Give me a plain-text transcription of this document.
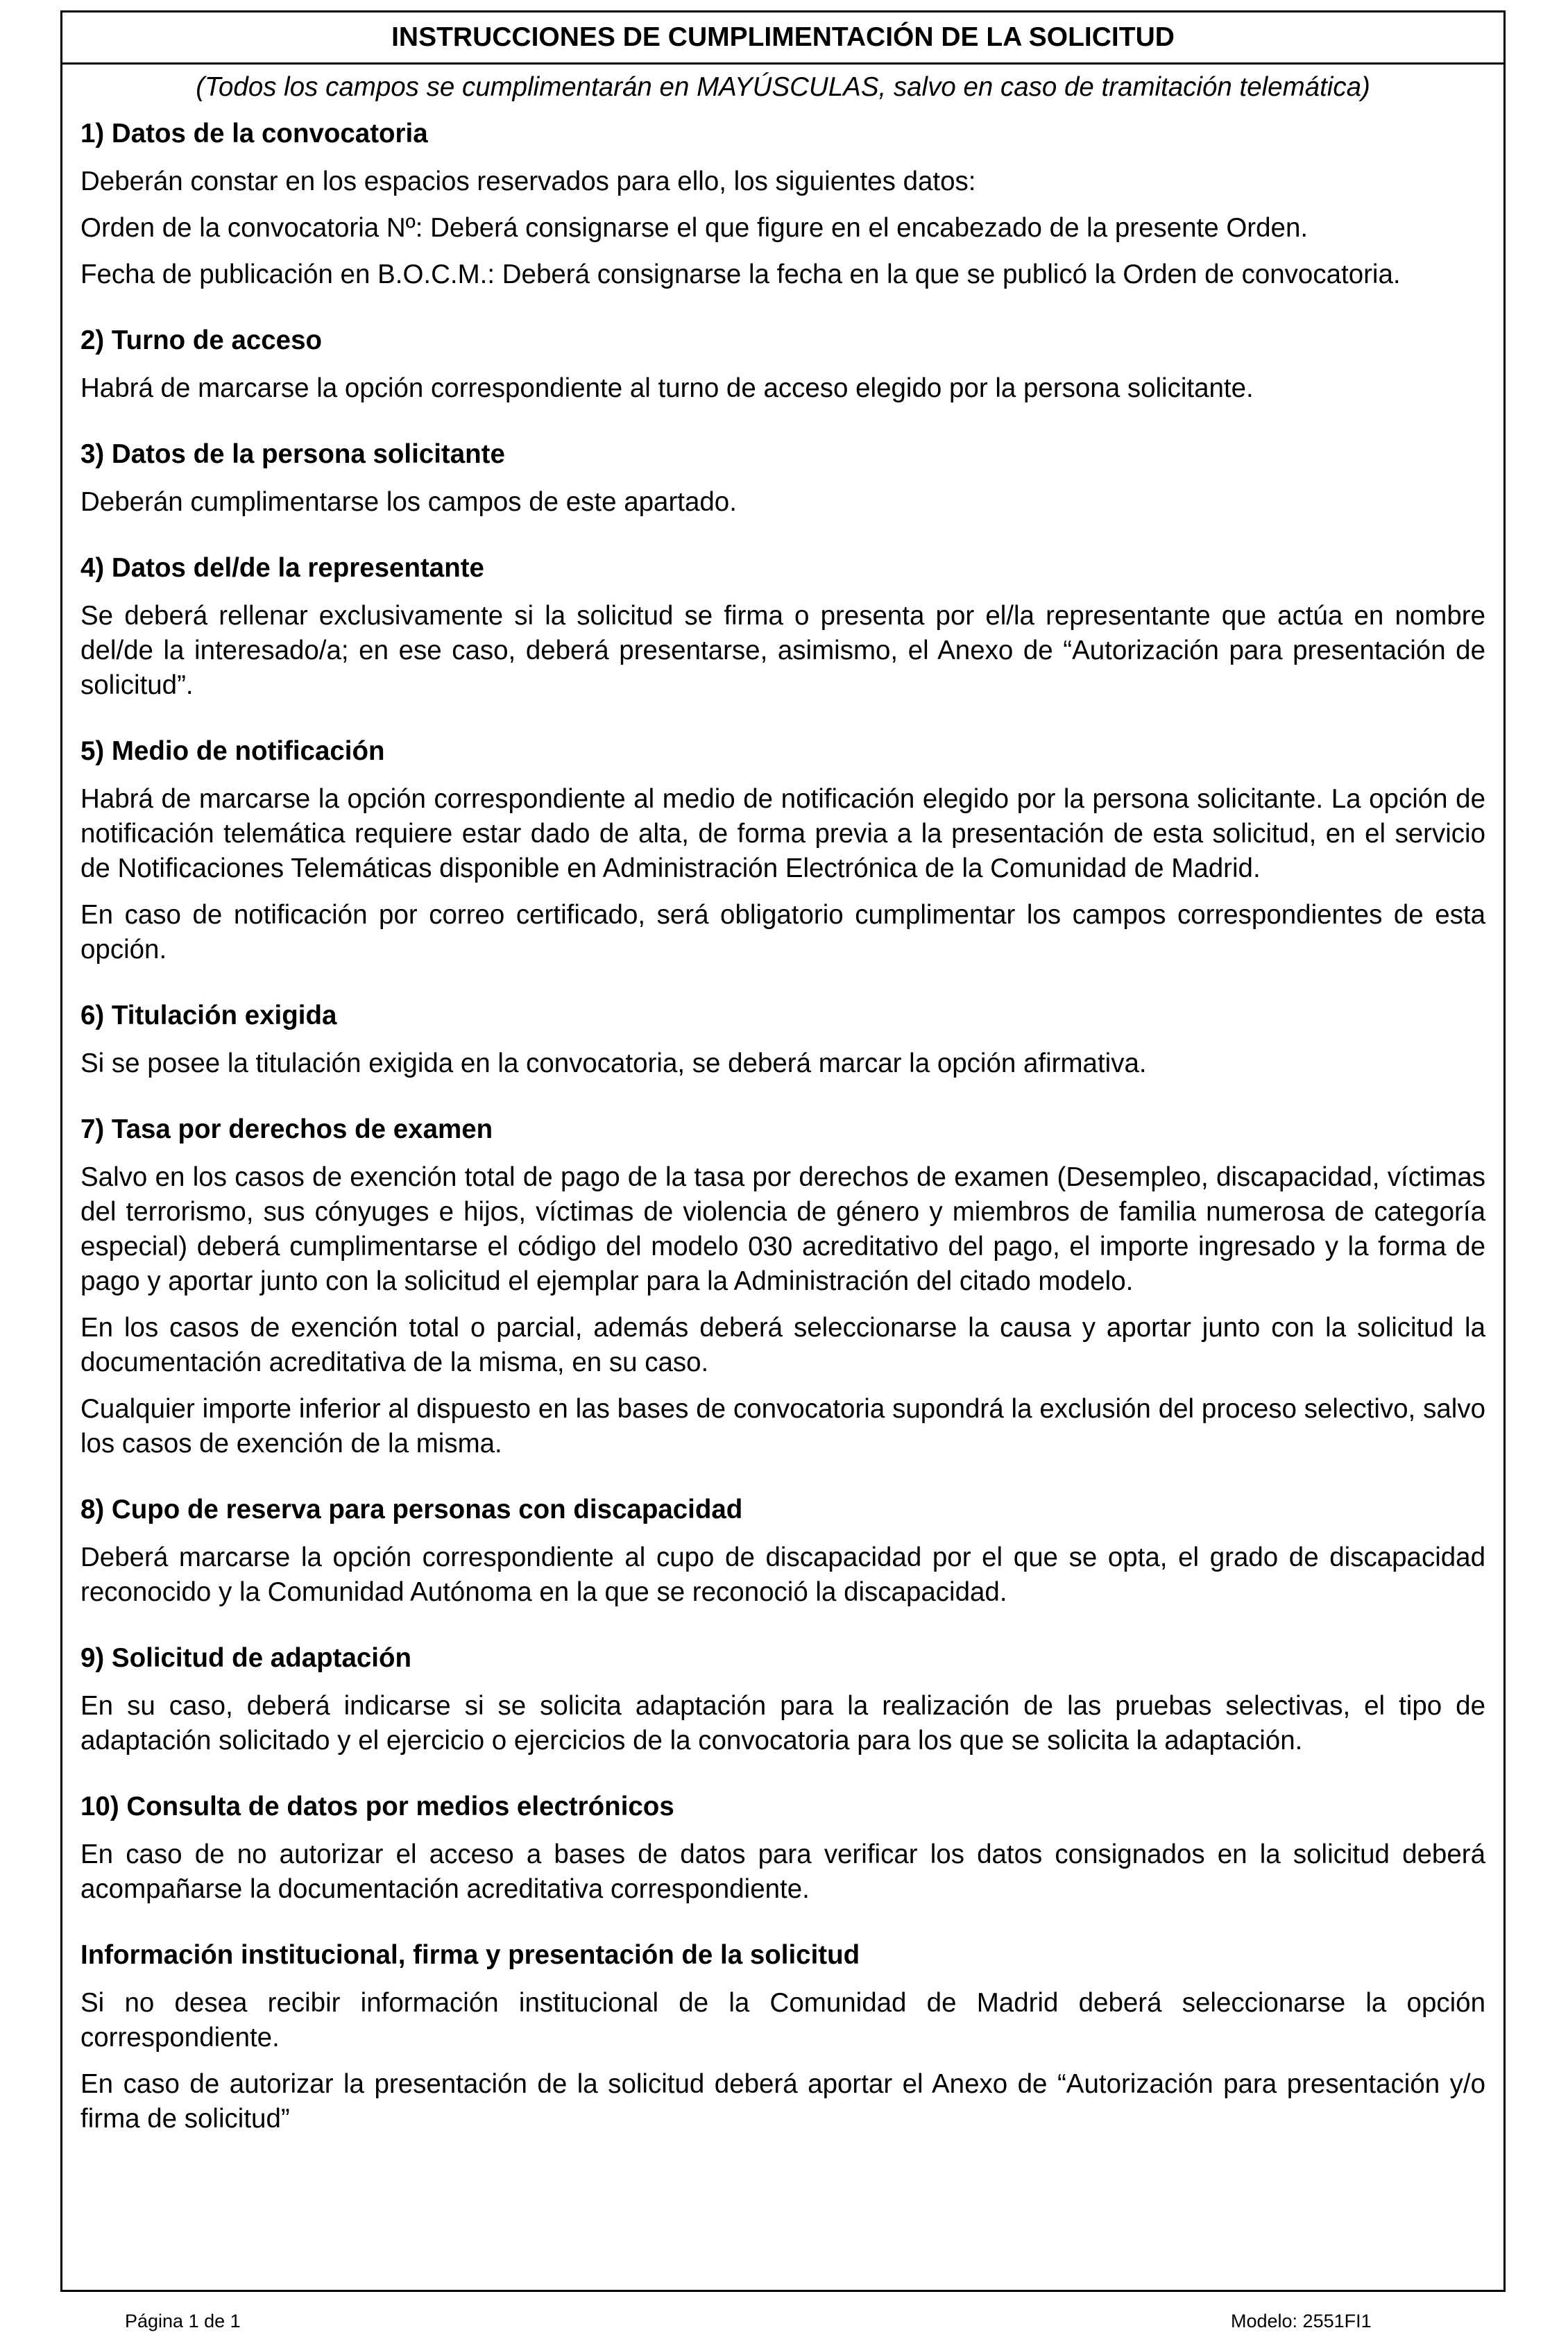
INSTRUCCIONES DE CUMPLIMENTACIÓN DE LA SOLICITUD
(Todos los campos se cumplimentarán en MAYÚSCULAS, salvo en caso de tramitación telemática)
1) Datos de la convocatoria

Deberán constar en los espacios reservados para ello, los siguientes datos:

Orden de la convocatoria Nº: Deberá consignarse el que figure en el encabezado de la presente Orden.

Fecha de publicación en B.O.C.M.: Deberá consignarse la fecha en la que se publicó la Orden de convocatoria.

2) Turno de acceso

Habrá de marcarse la opción correspondiente al turno de acceso elegido por la persona solicitante.

3) Datos de la persona solicitante

Deberán cumplimentarse los campos de este apartado.

4) Datos del/de la representante

Se deberá rellenar exclusivamente si la solicitud se firma o presenta por el/la representante que actúa en nombre del/de la interesado/a; en ese caso, deberá presentarse, asimismo, el Anexo de “Autorización para presentación de solicitud”.

5) Medio de notificación

Habrá de marcarse la opción correspondiente al medio de notificación elegido por la persona solicitante. La opción de notificación telemática requiere estar dado de alta, de forma previa a la presentación de esta solicitud, en el servicio de Notificaciones Telemáticas disponible en Administración Electrónica de la Comunidad de Madrid.

En caso de notificación por correo certificado, será obligatorio cumplimentar los campos correspondientes de esta opción.

6) Titulación exigida

Si se posee la titulación exigida en la convocatoria, se deberá marcar la opción afirmativa.

7) Tasa por derechos de examen

Salvo en los casos de exención total de pago de la tasa por derechos de examen (Desempleo, discapacidad, víctimas del terrorismo, sus cónyuges e hijos, víctimas de violencia de género y miembros de familia numerosa de categoría especial) deberá cumplimentarse el código del modelo 030 acreditativo del pago, el importe ingresado y la forma de pago y aportar junto con la solicitud el ejemplar para la Administración del citado modelo.

En los casos de exención total o parcial, además deberá seleccionarse la causa y aportar junto con la solicitud la documentación acreditativa de la misma, en su caso.

Cualquier importe inferior al dispuesto en las bases de convocatoria supondrá la exclusión del proceso selectivo, salvo los casos de exención de la misma.

8) Cupo de reserva para personas con discapacidad

Deberá marcarse la opción correspondiente al cupo de discapacidad por el que se opta, el grado de discapacidad reconocido y la Comunidad Autónoma en la que se reconoció la discapacidad.

9) Solicitud de adaptación

En su caso, deberá indicarse si se solicita adaptación para la realización de las pruebas selectivas, el tipo de adaptación solicitado y el ejercicio o ejercicios de la convocatoria para los que se solicita la adaptación.

10) Consulta de datos por medios electrónicos

En caso de no autorizar el acceso a bases de datos para verificar los datos consignados en la solicitud deberá acompañarse la documentación acreditativa correspondiente.

Información institucional, firma y presentación de la solicitud

Si no desea recibir información institucional de la Comunidad de Madrid deberá seleccionarse la opción correspondiente.

En caso de autorizar la presentación de la solicitud deberá aportar el Anexo de “Autorización para presentación y/o firma de solicitud”

Página 1 de 1	Modelo: 2551FI1
